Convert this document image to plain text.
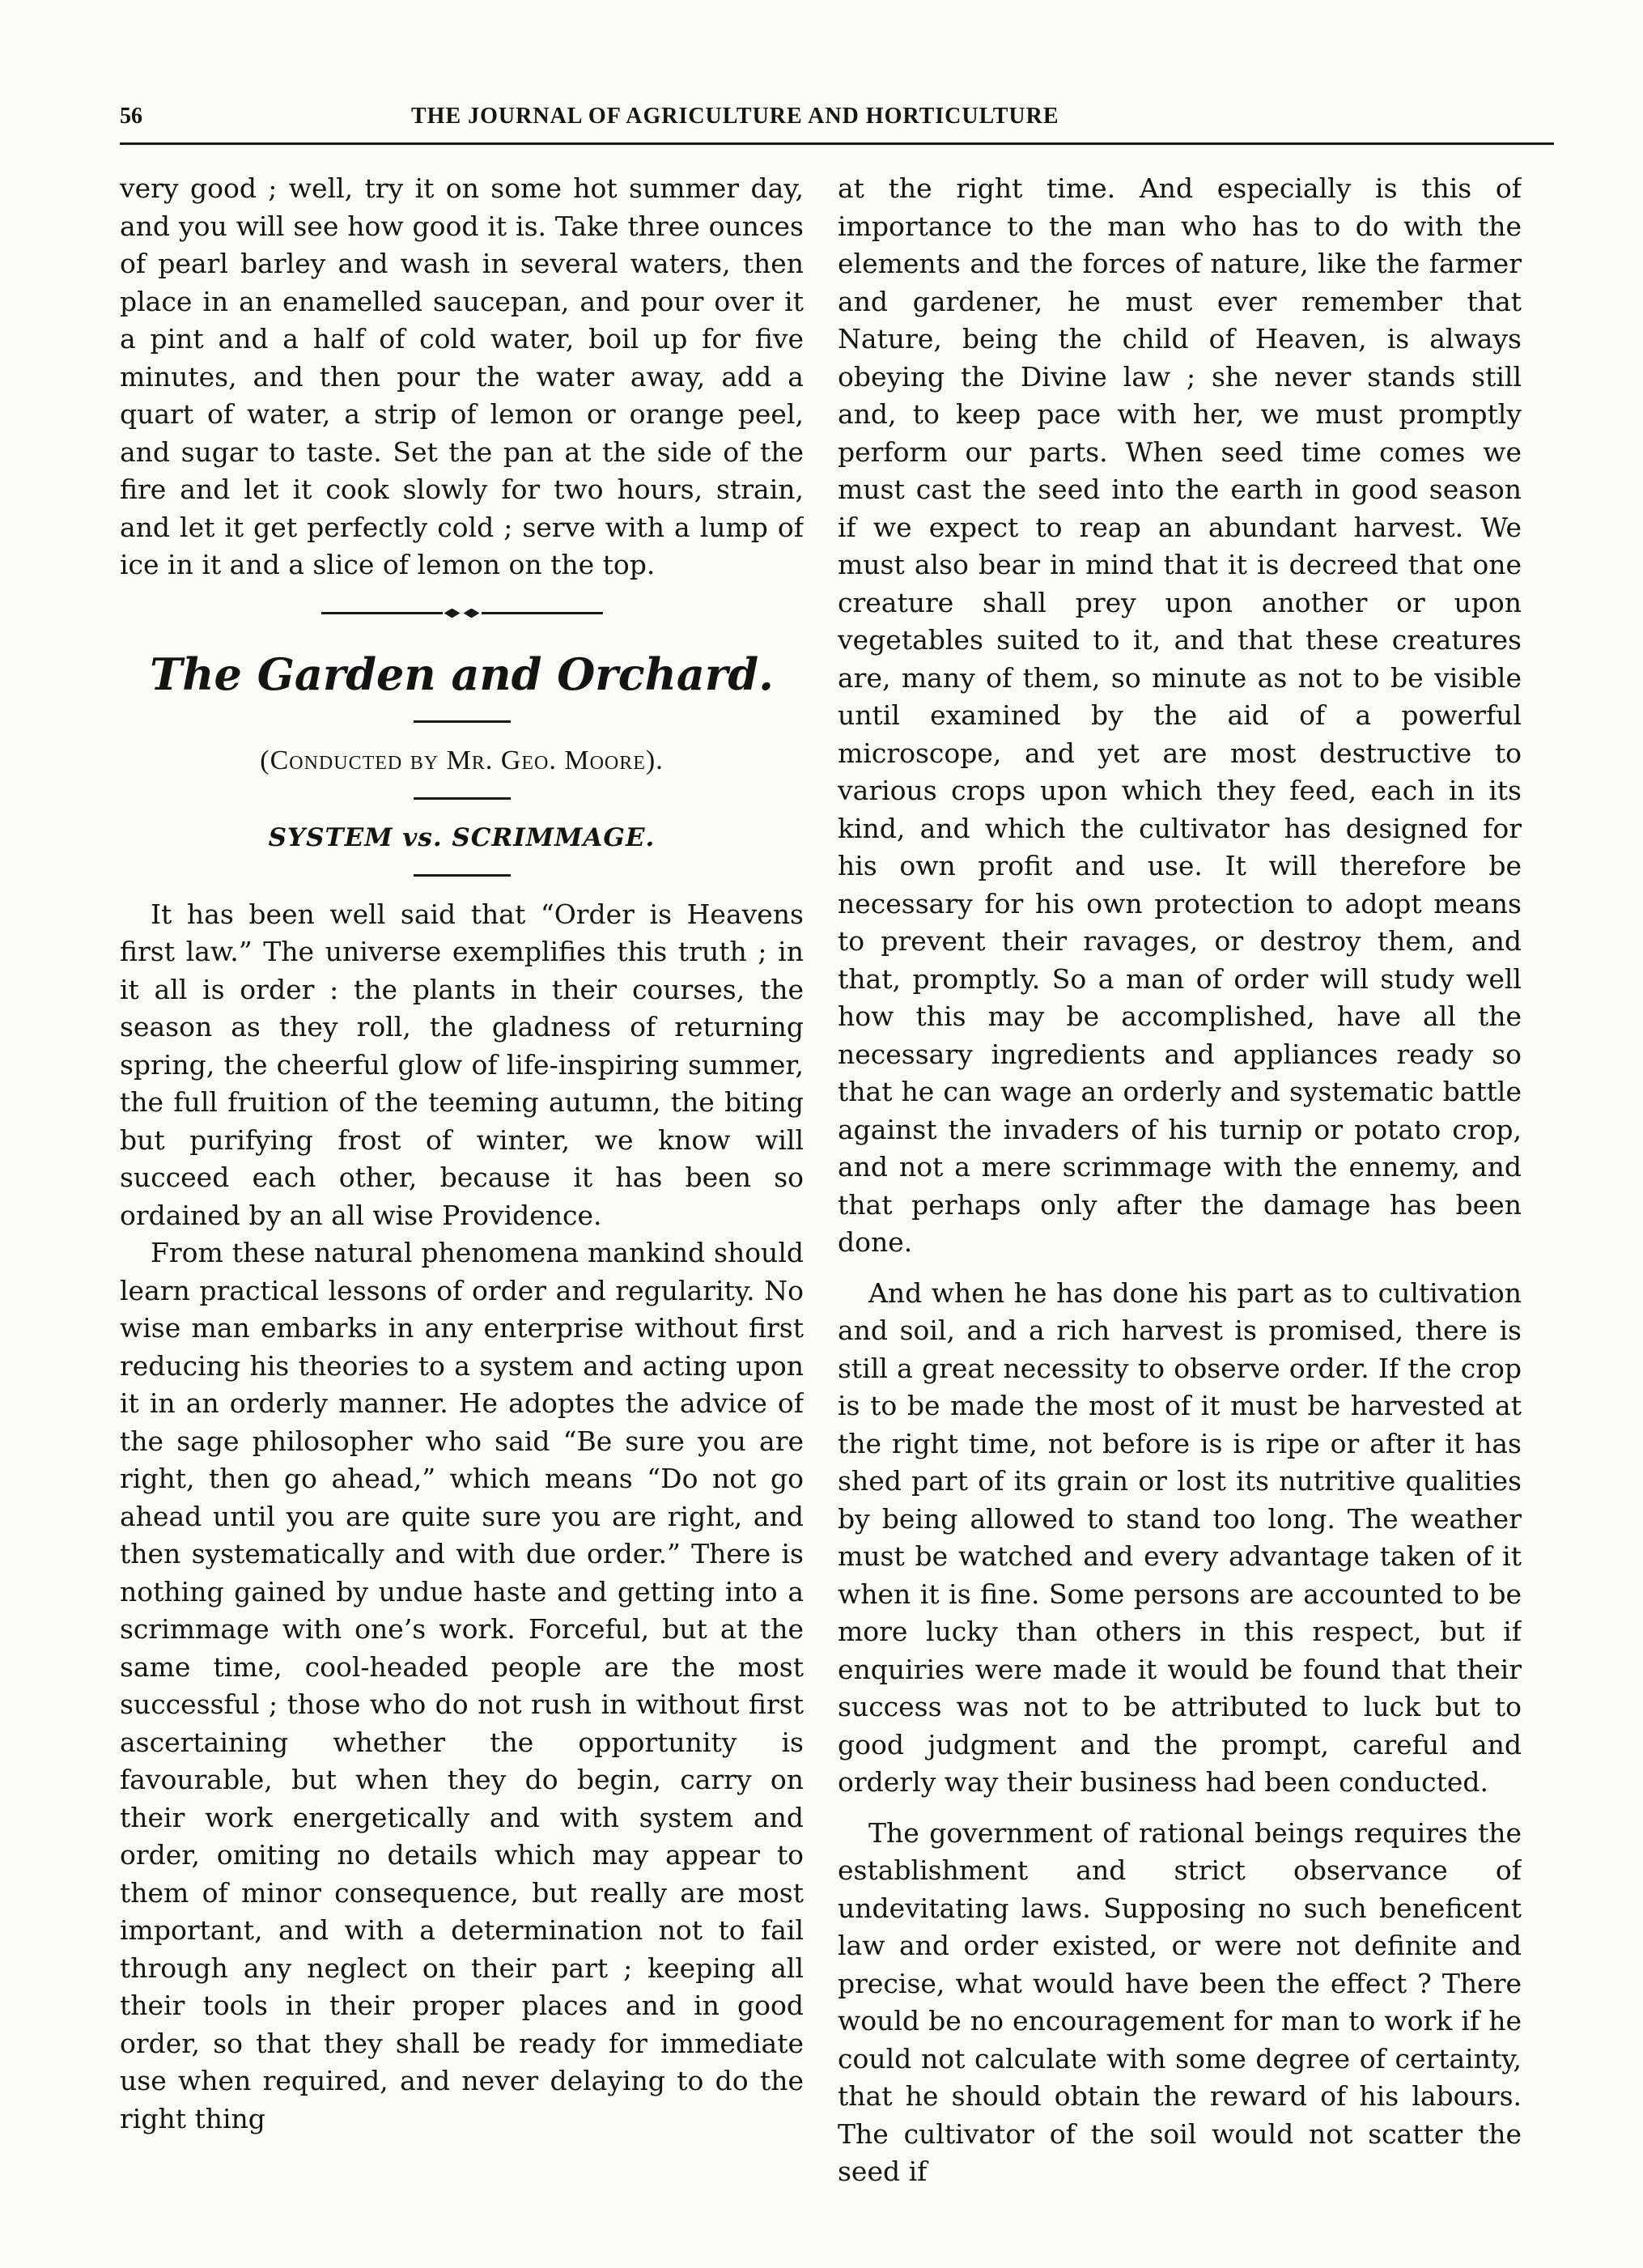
56	THE JOURNAL OF AGRICULTURE AND HORTICULTURE

very good ; well, try it on some hot summer day, and you will see how good it is. Take three ounces of pearl barley and wash in several waters, then place in an enamelled saucepan, and pour over it a pint and a half of cold water, boil up for five minutes, and then pour the water away, add a quart of water, a strip of lemon or orange peel, and sugar to taste. Set the pan at the side of the fire and let it cook slowly for two hours, strain, and let it get perfectly cold ; serve with a lump of ice in it and a slice of lemon on the top.

The Garden and Orchard.

(Conducted by Mr. Geo. Moore).

SYSTEM vs. SCRIMMAGE.

It has been well said that “Order is Heavens first law.” The universe exemplifies this truth ; in it all is order : the plants in their courses, the season as they roll, the gladness of returning spring, the cheerful glow of life-inspiring summer, the full fruition of the teeming autumn, the biting but purifying frost of winter, we know will succeed each other, because it has been so ordained by an all wise Providence.

From these natural phenomena mankind should learn practical lessons of order and regularity. No wise man embarks in any enterprise without first reducing his theories to a system and acting upon it in an orderly manner. He adoptes the advice of the sage philosopher who said “Be sure you are right, then go ahead,” which means “Do not go ahead until you are quite sure you are right, and then systematically and with due order.” There is nothing gained by undue haste and getting into a scrimmage with one’s work. Forceful, but at the same time, cool-headed people are the most successful ; those who do not rush in without first ascertaining whether the opportunity is favourable, but when they do begin, carry on their work energetically and with system and order, omiting no details which may appear to them of minor consequence, but really are most important, and with a determination not to fail through any neglect on their part ; keeping all their tools in their proper places and in good order, so that they shall be ready for immediate use when required, and never delaying to do the right thing

at the right time. And especially is this of importance to the man who has to do with the elements and the forces of nature, like the farmer and gardener, he must ever remember that Nature, being the child of Heaven, is always obeying the Divine law ; she never stands still and, to keep pace with her, we must promptly perform our parts. When seed time comes we must cast the seed into the earth in good season if we expect to reap an abundant harvest. We must also bear in mind that it is decreed that one creature shall prey upon another or upon vegetables suited to it, and that these creatures are, many of them, so minute as not to be visible until examined by the aid of a powerful microscope, and yet are most destructive to various crops upon which they feed, each in its kind, and which the cultivator has designed for his own profit and use. It will therefore be necessary for his own protection to adopt means to prevent their ravages, or destroy them, and that, promptly. So a man of order will study well how this may be accomplished, have all the necessary ingredients and appliances ready so that he can wage an orderly and systematic battle against the invaders of his turnip or potato crop, and not a mere scrimmage with the ennemy, and that perhaps only after the damage has been done.

And when he has done his part as to cultivation and soil, and a rich harvest is promised, there is still a great necessity to observe order. If the crop is to be made the most of it must be harvested at the right time, not before is is ripe or after it has shed part of its grain or lost its nutritive qualities by being allowed to stand too long. The weather must be watched and every advantage taken of it when it is fine. Some persons are accounted to be more lucky than others in this respect, but if enquiries were made it would be found that their success was not to be attributed to luck but to good judgment and the prompt, careful and orderly way their business had been conducted.

The government of rational beings requires the establishment and strict observance of undevitating laws. Supposing no such beneficent law and order existed, or were not definite and precise, what would have been the effect ? There would be no encouragement for man to work if he could not calculate with some degree of certainty, that he should obtain the reward of his labours. The cultivator of the soil would not scatter the seed if
